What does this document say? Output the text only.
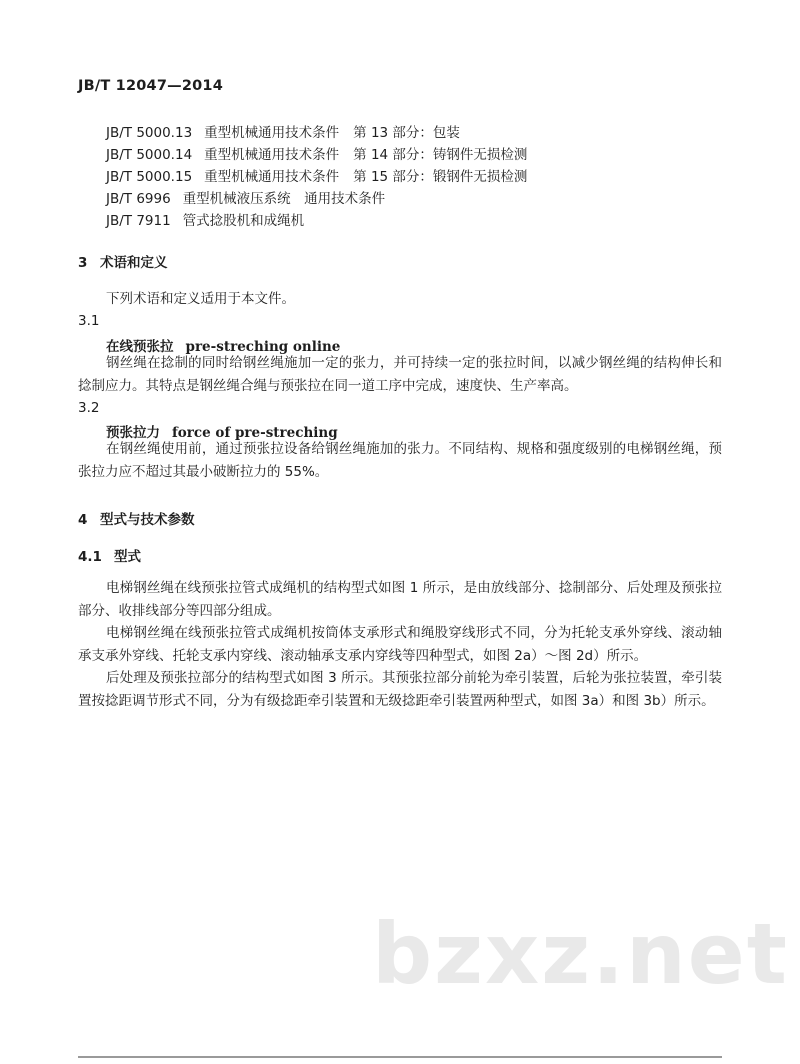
JB/T 12047—2014
JB/T 5000.13 重型机械通用技术条件 第 13 部分：包装
JB/T 5000.14 重型机械通用技术条件 第 14 部分：铸钢件无损检测
JB/T 5000.15 重型机械通用技术条件 第 15 部分：锻钢件无损检测
JB/T 6996 重型机械液压系统　通用技术条件
JB/T 7911 管式捻股机和成绳机
3 术语和定义
下列术语和定义适用于本文件。
3.1
在线预张拉 pre-streching online
钢丝绳在捻制的同时给钢丝绳施加一定的张力，并可持续一定的张拉时间，以减少钢丝绳的结构伸长和捻制应力。其特点是钢丝绳合绳与预张拉在同一道工序中完成，速度快、生产率高。
3.2
预张拉力 force of pre-streching
在钢丝绳使用前，通过预张拉设备给钢丝绳施加的张力。不同结构、规格和强度级别的电梯钢丝绳，预张拉力应不超过其最小破断拉力的 55%。
4 型式与技术参数
4.1 型式
电梯钢丝绳在线预张拉管式成绳机的结构型式如图 1 所示，是由放线部分、捻制部分、后处理及预张拉部分、收排线部分等四部分组成。
电梯钢丝绳在线预张拉管式成绳机按筒体支承形式和绳股穿线形式不同，分为托轮支承外穿线、滚动轴承支承外穿线、托轮支承内穿线、滚动轴承支承内穿线等四种型式，如图 2a）～图 2d）所示。
后处理及预张拉部分的结构型式如图 3 所示。其预张拉部分前轮为牵引装置，后轮为张拉装置，牵引装置按捻距调节形式不同，分为有级捻距牵引装置和无级捻距牵引装置两种型式，如图 3a）和图 3b）所示。
bzxz.net
